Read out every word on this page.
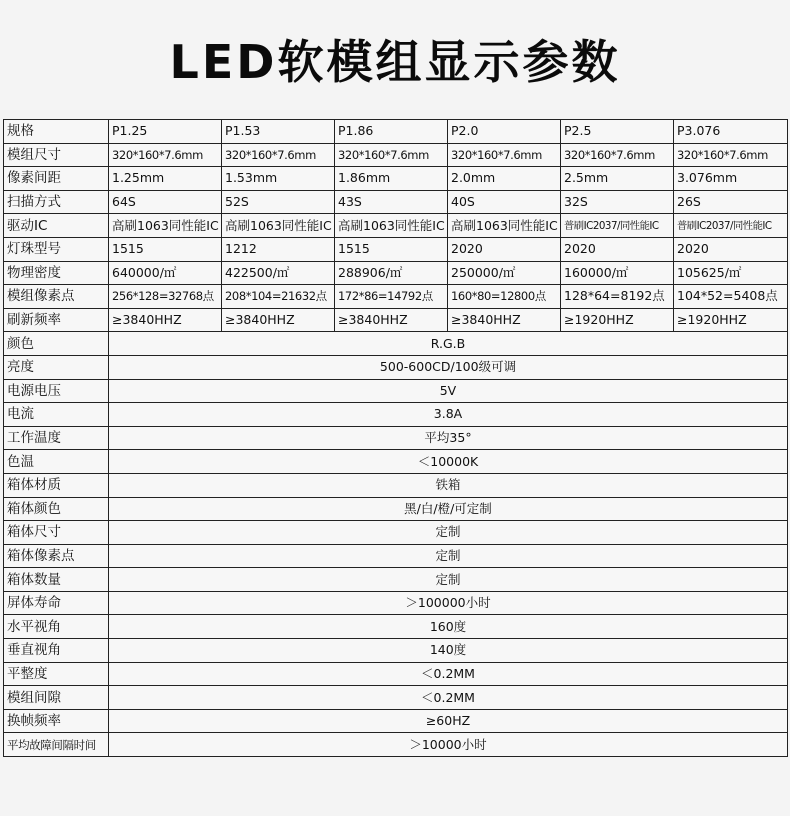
LED软模组显示参数
规格	P1.25	P1.53	P1.86	P2.0	P2.5	P3.076
模组尺寸	320*160*7.6mm	320*160*7.6mm	320*160*7.6mm	320*160*7.6mm	320*160*7.6mm	320*160*7.6mm
像素间距	1.25mm	1.53mm	1.86mm	2.0mm	2.5mm	3.076mm
扫描方式	64S	52S	43S	40S	32S	26S
驱动IC	高刷1063同性能IC	高刷1063同性能IC	高刷1063同性能IC	高刷1063同性能IC	普刷IC2037/同性能IC	普刷IC2037/同性能IC
灯珠型号	1515	1212	1515	2020	2020	2020
物理密度	640000/㎡	422500/㎡	288906/㎡	250000/㎡	160000/㎡	105625/㎡
模组像素点	256*128=32768点	208*104=21632点	172*86=14792点	160*80=12800点	128*64=8192点	104*52=5408点
刷新频率	≥3840HHZ	≥3840HHZ	≥3840HHZ	≥3840HHZ	≥1920HHZ	≥1920HHZ
颜色	R.G.B					
亮度	500-600CD/100级可调					
电源电压	5V					
电流	3.8A					
工作温度	平均35°					
色温	＜10000K					
箱体材质	铁箱					
箱体颜色	黑/白/橙/可定制					
箱体尺寸	定制					
箱体像素点	定制					
箱体数量	定制					
屏体寿命	＞100000小时					
水平视角	160度					
垂直视角	140度					
平整度	＜0.2MM					
模组间隙	＜0.2MM					
换帧频率	≥60HZ					
平均故障间隔时间	＞10000小时					
